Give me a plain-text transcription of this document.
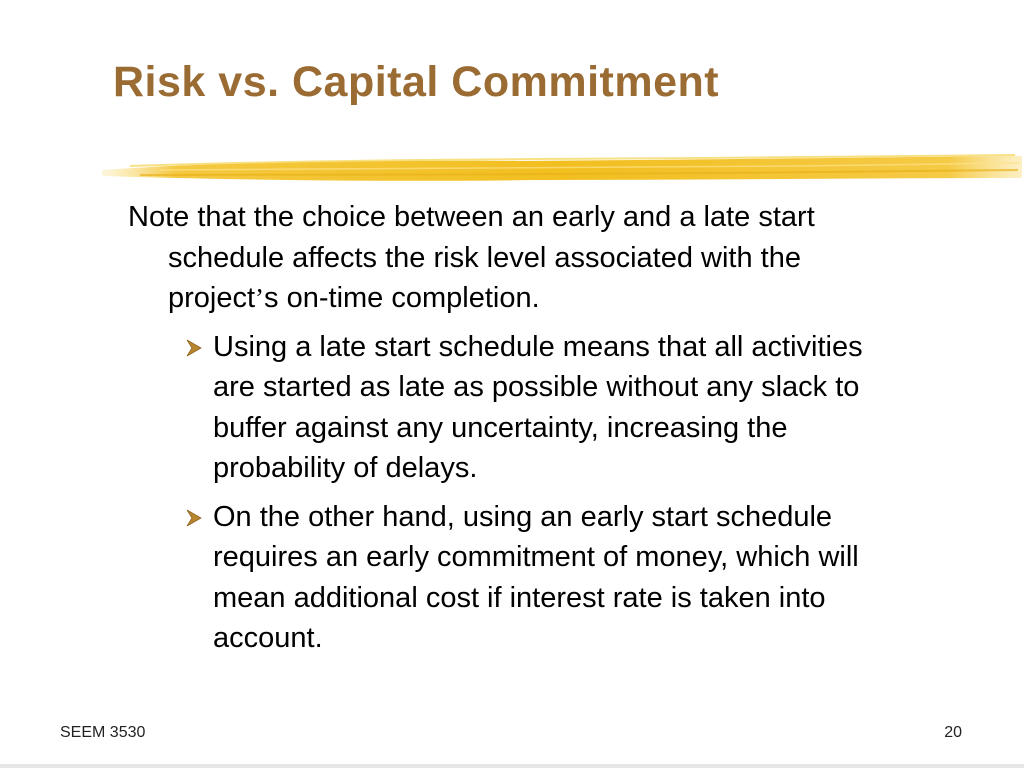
Risk vs. Capital Commitment

Note that the choice between an early and a late start schedule affects the risk level associated with the project’s on-time completion.

Using a late start schedule means that all activities are started as late as possible without any slack to buffer against any uncertainty, increasing the probability of delays.
On the other hand, using an early start schedule requires an early commitment of money, which will mean additional cost if interest rate is taken into account.
SEEM 3530	20
